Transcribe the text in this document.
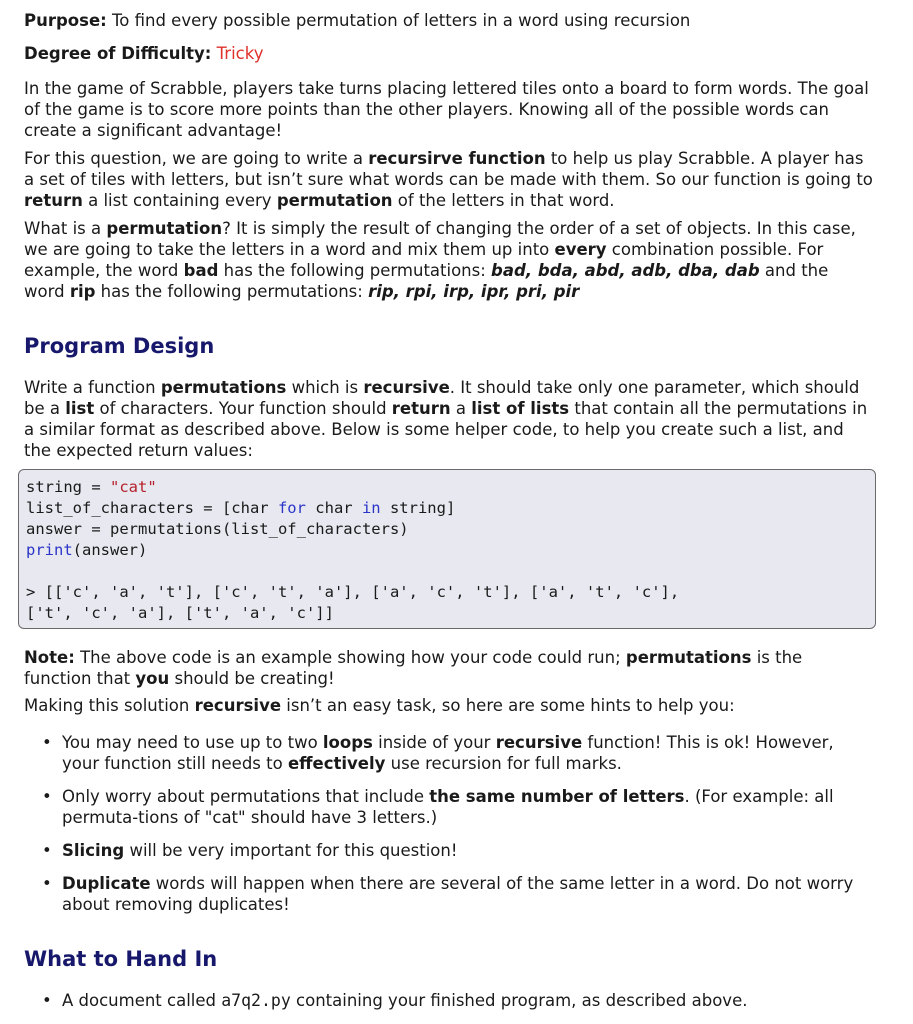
Purpose: To find every possible permutation of letters in a word using recursion

Degree of Difficulty: Tricky

In the game of Scrabble, players take turns placing lettered tiles onto a board to form words. The goal of the game is to score more points than the other players. Knowing all of the possible words can create a significant advantage!

For this question, we are going to write a recursirve function to help us play Scrabble. A player has a set of tiles with letters, but isn’t sure what words can be made with them. So our function is going to return a list containing every permutation of the letters in that word.

What is a permutation? It is simply the result of changing the order of a set of objects. In this case, we are going to take the letters in a word and mix them up into every combination possible. For example, the word bad has the following permutations: bad, bda, abd, adb, dba, dab and the word rip has the following permutations: rip, rpi, irp, ipr, pri, pir

Program Design

Write a function permutations which is recursive. It should take only one parameter, which should be a list of characters. Your function should return a list of lists that contain all the permutations in a similar format as described above. Below is some helper code, to help you create such a list, and the expected return values:

string = "cat"
list_of_characters = [char for char in string]
answer = permutations(list_of_characters)
print(answer)
> [['c', 'a', 't'], ['c', 't', 'a'], ['a', 'c', 't'], ['a', 't', 'c'],
['t', 'c', 'a'], ['t', 'a', 'c']]

Note: The above code is an example showing how your code could run; permutations is the function that you should be creating!

Making this solution recursive isn’t an easy task, so here are some hints to help you:

• You may need to use up to two loops inside of your recursive function! This is ok! However, your function still needs to effectively use recursion for full marks.
• Only worry about permutations that include the same number of letters. (For example: all permuta-tions of "cat" should have 3 letters.)
• Slicing will be very important for this question!
• Duplicate words will happen when there are several of the same letter in a word. Do not worry about removing duplicates!
What to Hand In
• A document called a7q2.py containing your finished program, as described above.
